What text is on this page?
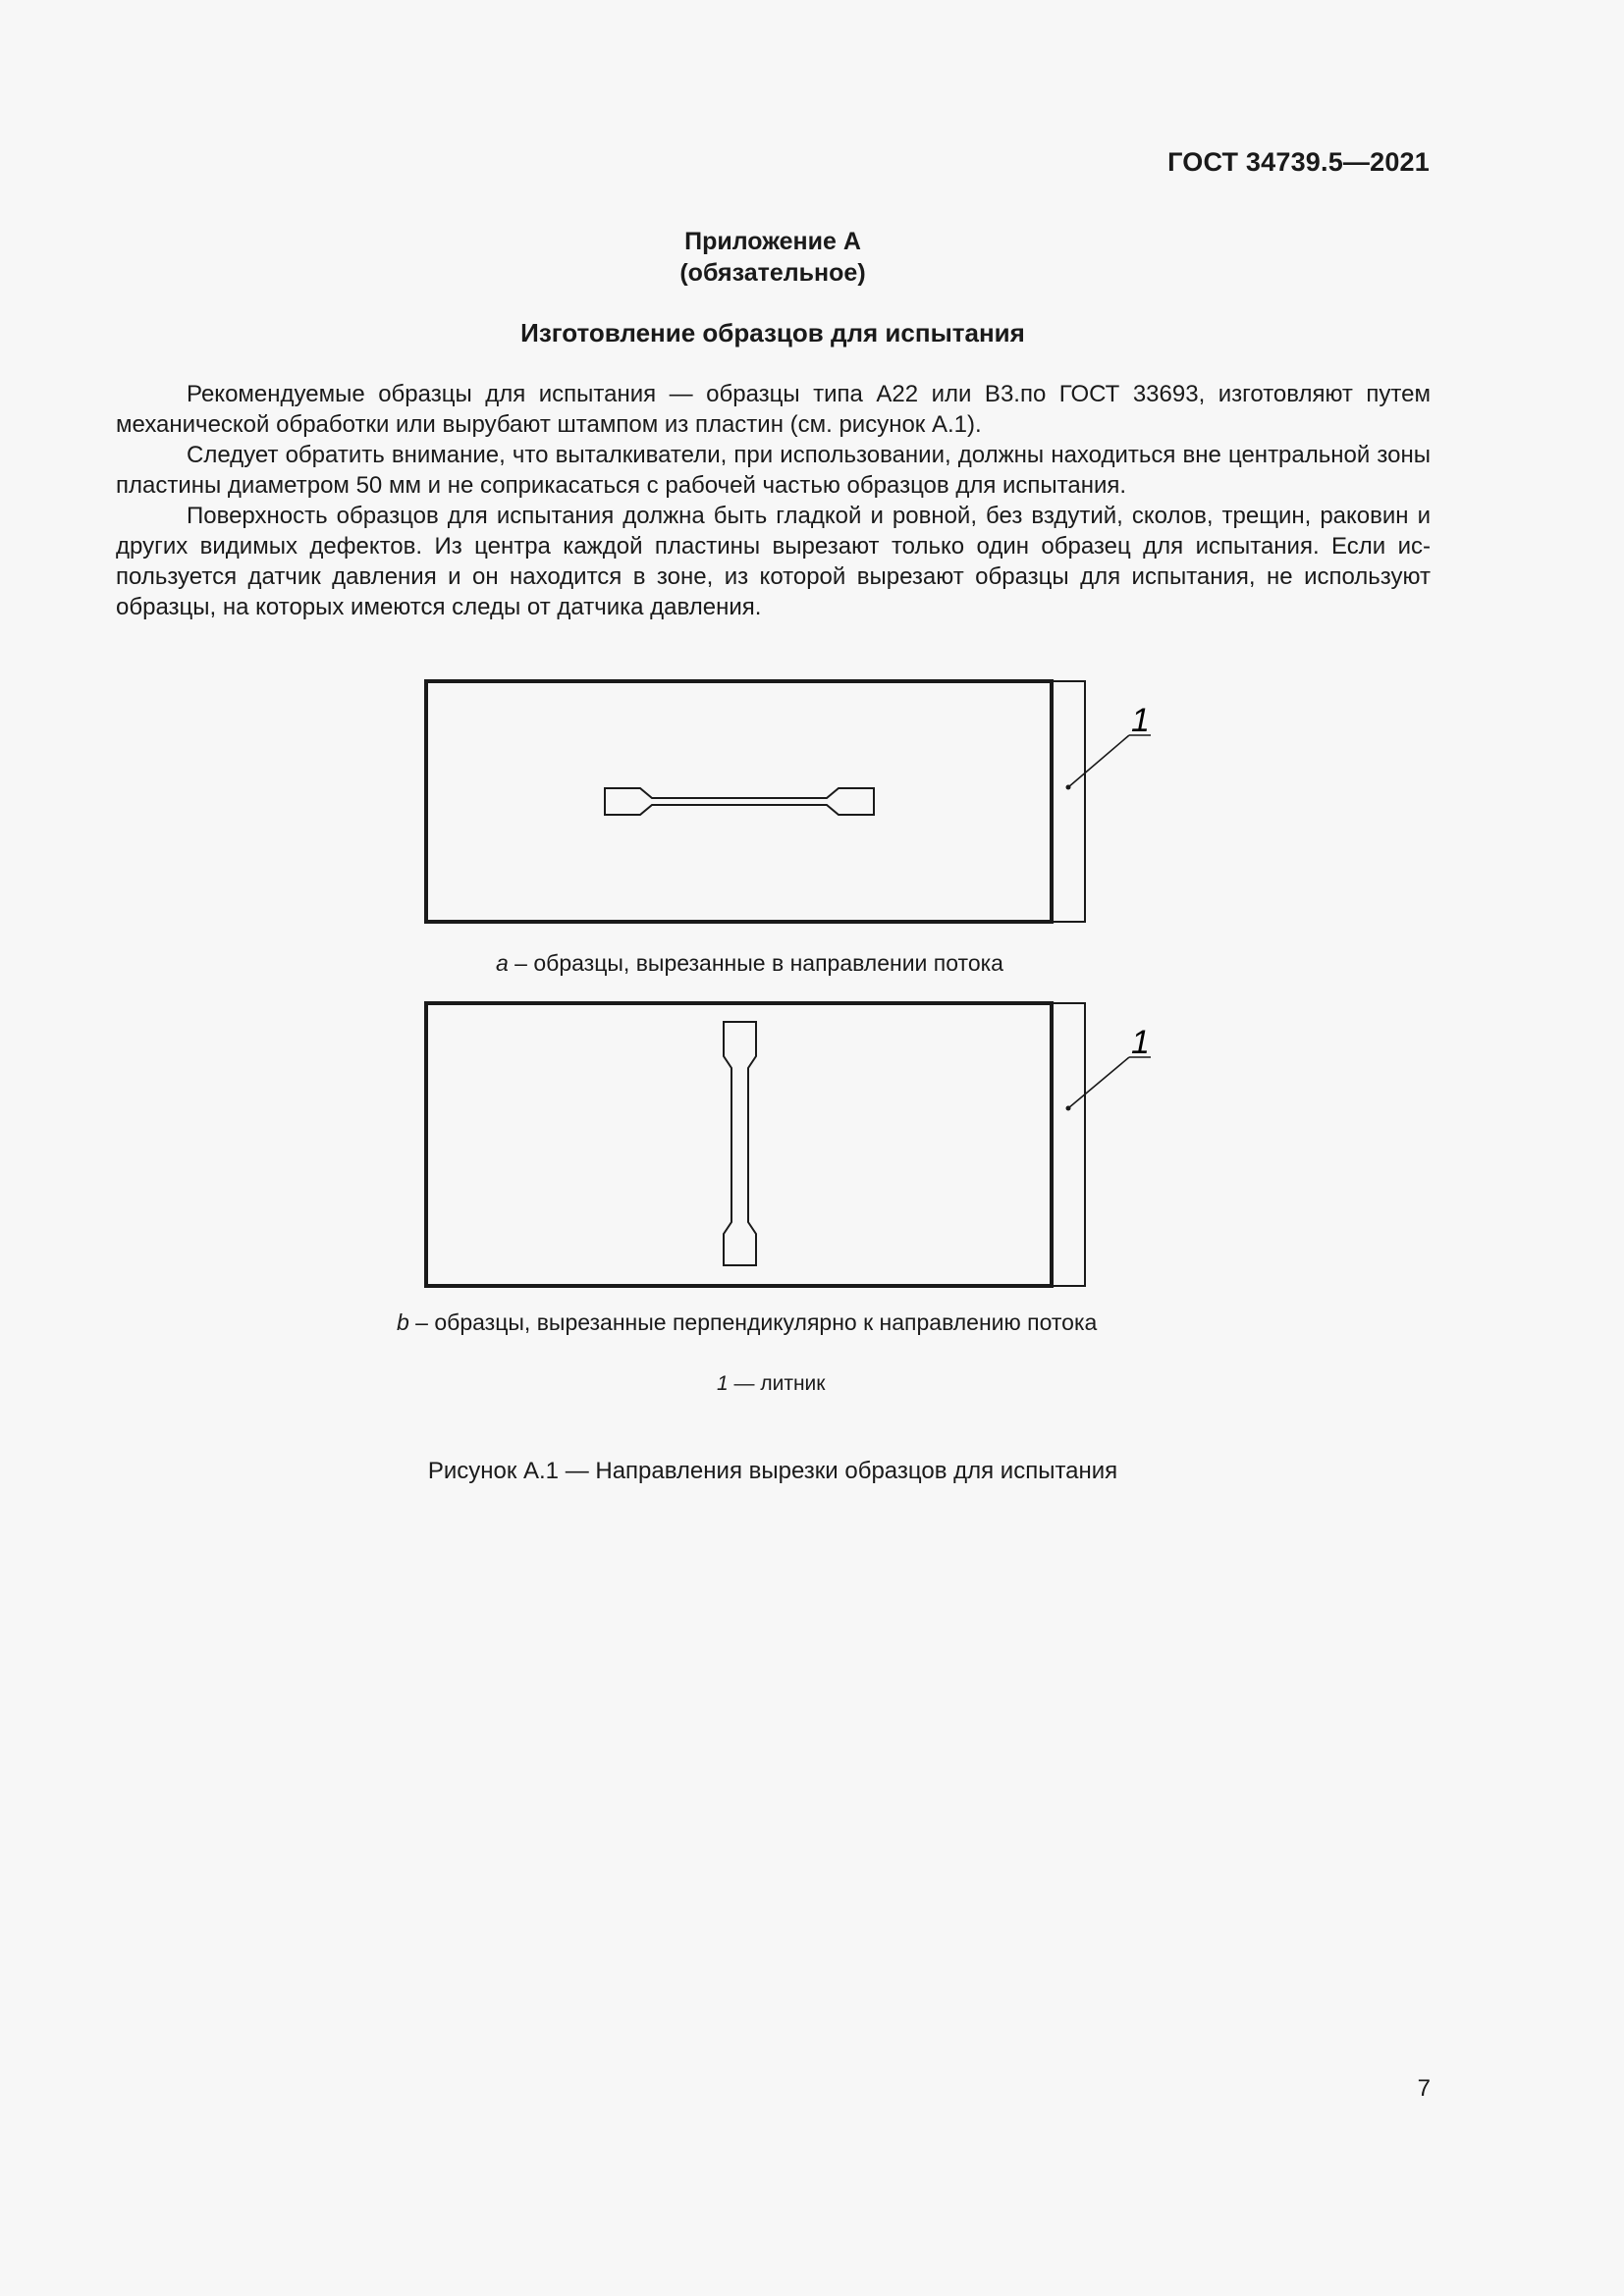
ГОСТ 34739.5—2021
Приложение А
(обязательное)
Изготовление образцов для испытания

Рекомендуемые образцы для испытания — образцы типа А22 или В3.по ГОСТ 33693, изготовляют путем механической обработки или вырубают штампом из пластин (см. рисунок А.1).

Следует обратить внимание, что выталкиватели, при использовании, должны находиться вне центральной зоны пластины диаметром 50 мм и не соприкасаться с рабочей частью образцов для испытания.

Поверхность образцов для испытания должна быть гладкой и ровной, без вздутий, сколов, трещин, раковин и других видимых дефектов. Из центра каждой пластины вырезают только один образец для испытания. Если используется датчик давления и он находится в зоне, из которой вырезают образцы для испытания, не используют образцы, на которых имеются следы от датчика давления.

1
1
a – образцы, вырезанные в направлении потока
b – образцы, вырезанные перпендикулярно к направлению потока
1 — литник
Рисунок А.1 — Направления вырезки образцов для испытания
7
